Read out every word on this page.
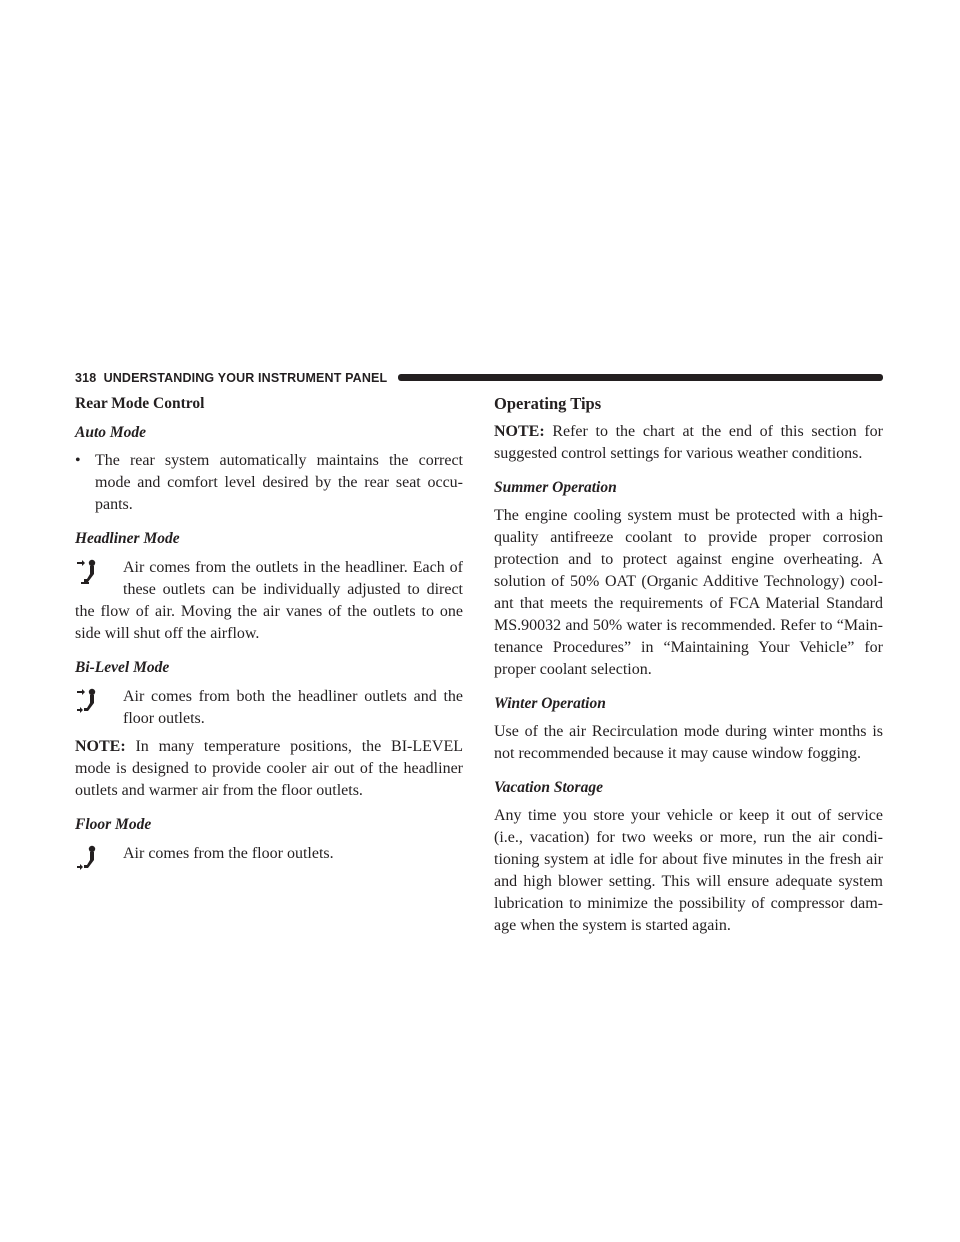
318 UNDERSTANDING YOUR INSTRUMENT PANEL
Rear Mode Control
Auto Mode
• The rear system automatically maintains the correct mode and comfort level desired by the rear seat occu- pants.
Headliner Mode
Air comes from the outlets in the headliner. Each of these outlets can be individually adjusted to direct the flow of air. Moving the air vanes of the outlets to one side will shut off the airflow.
Bi-Level Mode
Air comes from both the headliner outlets and the floor outlets.

NOTE: In many temperature positions, the BI-LEVEL mode is designed to provide cooler air out of the headliner outlets and warmer air from the floor outlets.

Floor Mode
Air comes from the floor outlets.
Operating Tips

NOTE: Refer to the chart at the end of this section for suggested control settings for various weather conditions.

Summer Operation

The engine cooling system must be protected with a high-quality antifreeze coolant to provide proper corrosion protection and to protect against engine overheating. A solution of 50% OAT (Organic Additive Technology) cool- ant that meets the requirements of FCA Material Standard MS.90032 and 50% water is recommended. Refer to “Main- tenance Procedures” in “Maintaining Your Vehicle” for proper coolant selection.

Winter Operation

Use of the air Recirculation mode during winter months is not recommended because it may cause window fogging.

Vacation Storage

Any time you store your vehicle or keep it out of service (i.e., vacation) for two weeks or more, run the air condi- tioning system at idle for about five minutes in the fresh air and high blower setting. This will ensure adequate system lubrication to minimize the possibility of compressor dam- age when the system is started again.
